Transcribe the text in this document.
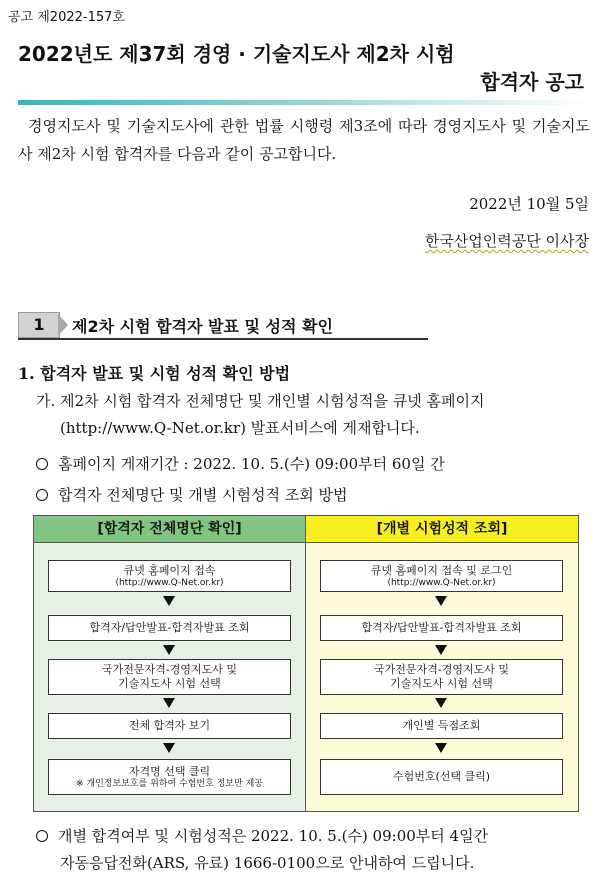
공고 제2022-157호
2022년도 제37회 경영 · 기술지도사 제2차 시험
합격자 공고
경영지도사 및 기술지도사에 관한 법률 시행령 제3조에 따라 경영지도사 및 기술지도사 제2차 시험 합격자를 다음과 같이 공고합니다.
2022년 10월 5일
한국산업인력공단 이사장
1	제2차 시험 합격자 발표 및 성적 확인
1. 합격자 발표 및 시험 성적 확인 방법
가. 제2차 시험 합격자 전체명단 및 개인별 시험성적을 큐넷 홈페이지
(http://www.Q-Net.or.kr) 발표서비스에 게재합니다.
홈페이지 게재기간 : 2022. 10. 5.(수) 09:00부터 60일 간
합격자 전체명단 및 개별 시험성적 조회 방법
[합격자 전체명단 확인]
큐넷 홈페이지 접속
(http://www.Q-Net.or.kr)
합격자/답안발표-합격자발표 조회
국가전문자격-경영지도사 및
기술지도사 시험 선택
전체 합격자 보기
자격명 선택 클릭
※ 개인정보보호를 위하여 수험번호 정보만 제공
[개별 시험성적 조회]
큐넷 홈페이지 접속 및 로그인
(http://www.Q-Net.or.kr)
합격자/답안발표-합격자발표 조회
국가전문자격-경영지도사 및
기술지도사 시험 선택
개인별 득점조회
수험번호(선택 클릭)
개별 합격여부 및 시험성적은 2022. 10. 5.(수) 09:00부터 4일간
자동응답전화(ARS, 유료) 1666-0100으로 안내하여 드립니다.
